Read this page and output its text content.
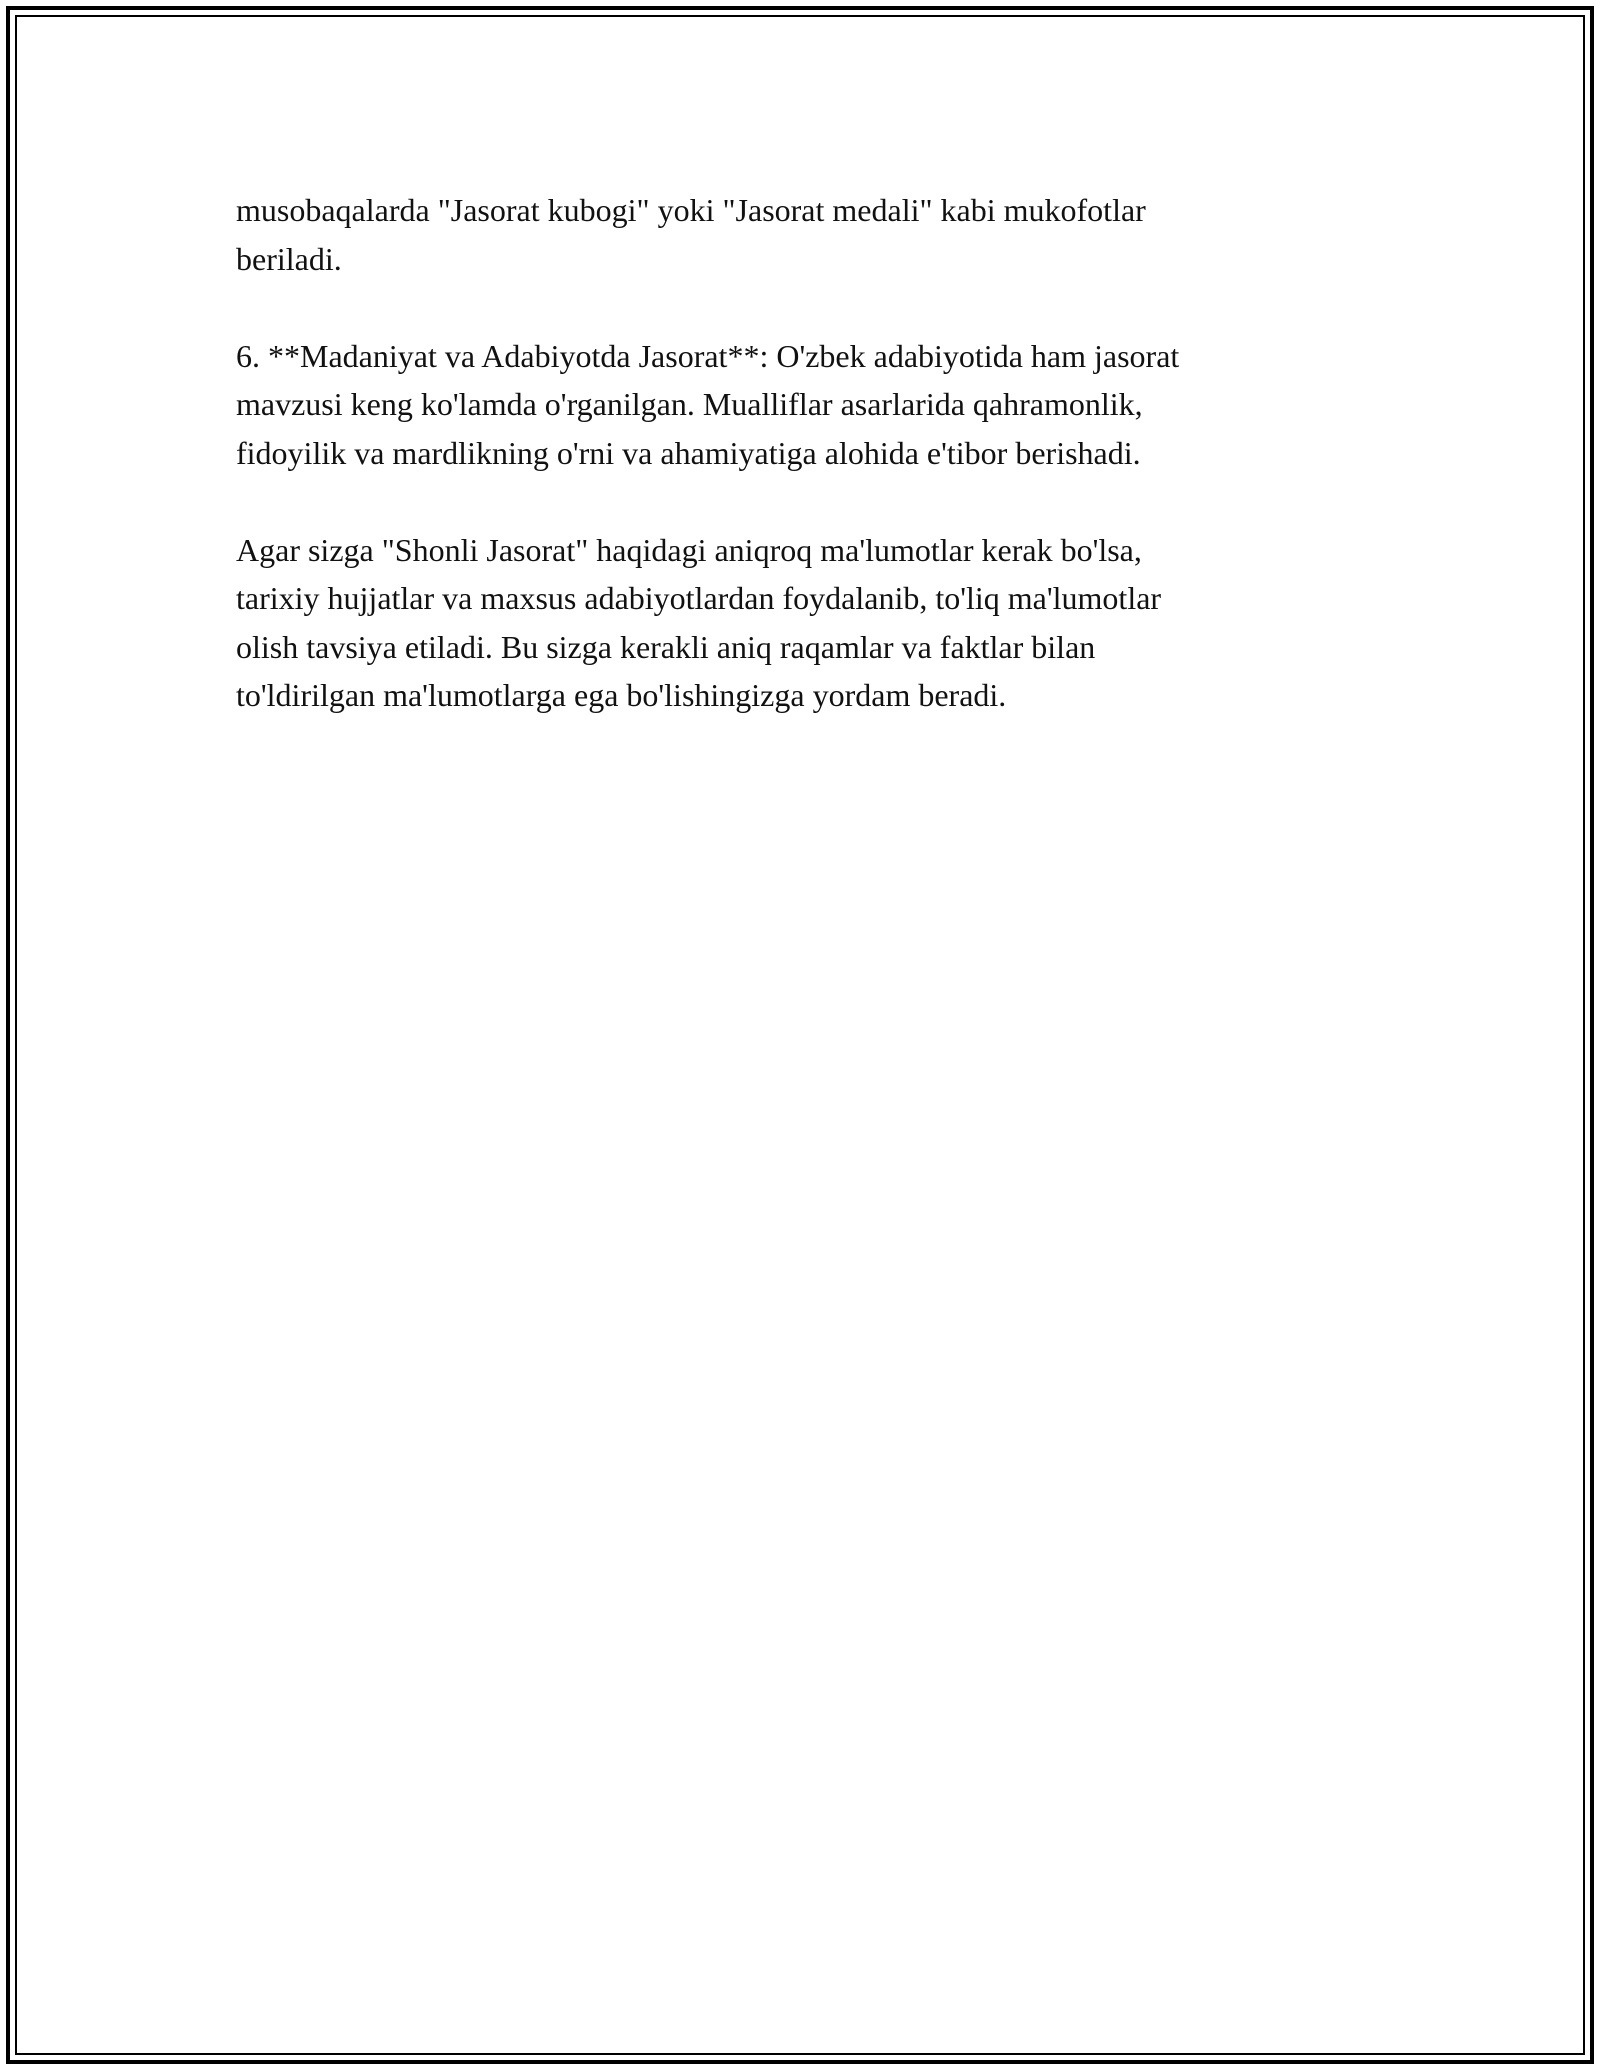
musobaqalarda "Jasorat kubogi" yoki "Jasorat medali" kabi mukofotlar
beriladi.

6. **Madaniyat va Adabiyotda Jasorat**: O'zbek adabiyotida ham jasorat
mavzusi keng ko'lamda o'rganilgan. Mualliflar asarlarida qahramonlik,
fidoyilik va mardlikning o'rni va ahamiyatiga alohida e'tibor berishadi.

Agar sizga "Shonli Jasorat" haqidagi aniqroq ma'lumotlar kerak bo'lsa,
tarixiy hujjatlar va maxsus adabiyotlardan foydalanib, to'liq ma'lumotlar
olish tavsiya etiladi. Bu sizga kerakli aniq raqamlar va faktlar bilan
to'ldirilgan ma'lumotlarga ega bo'lishingizga yordam beradi.
